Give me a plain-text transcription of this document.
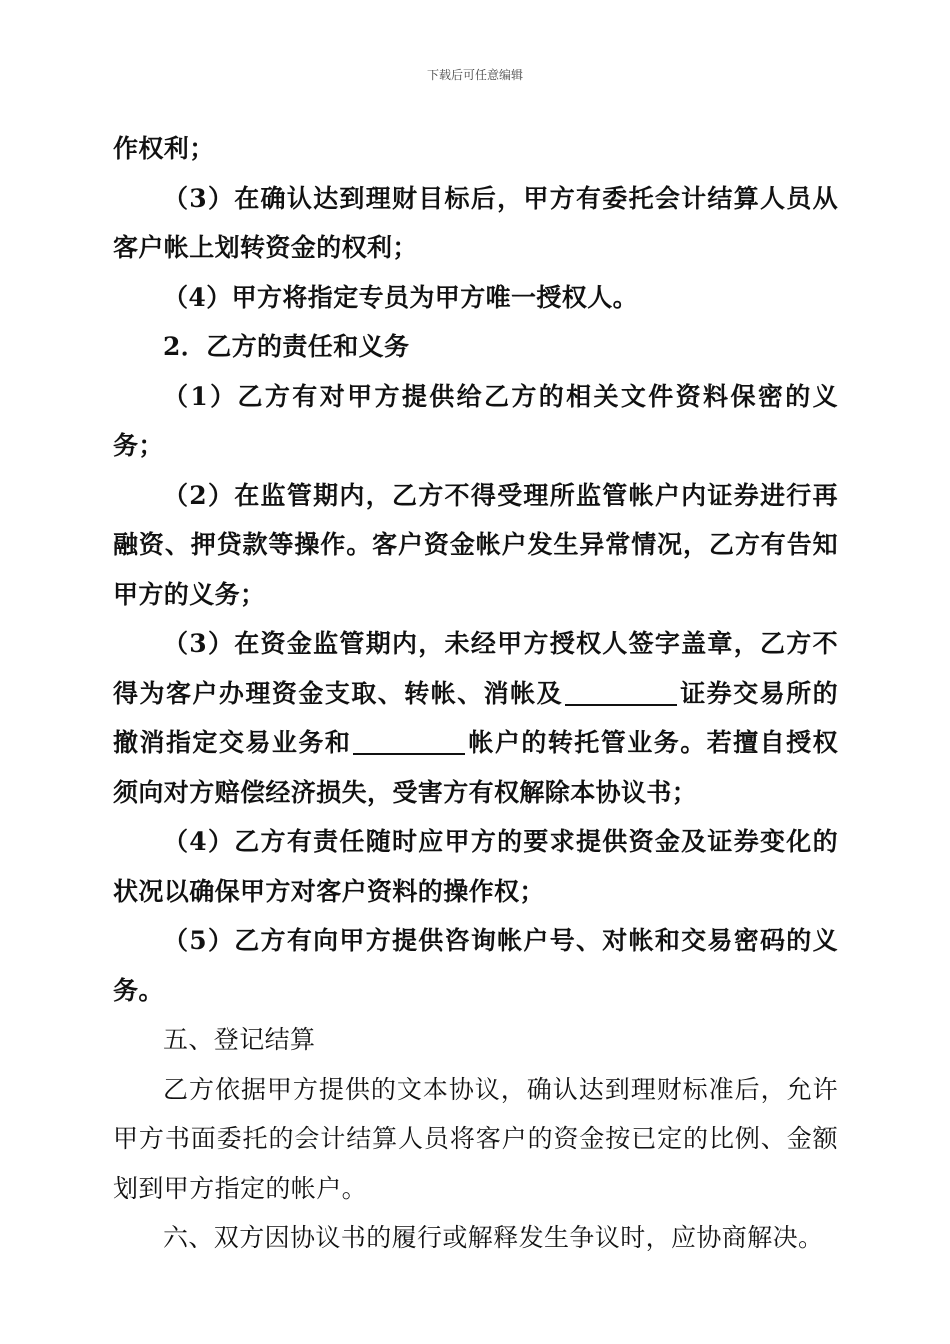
下载后可任意编辑

作权利；

（3）在确认达到理财目标后，甲方有委托会计结算人员从客户帐上划转资金的权利；

（4）甲方将指定专员为甲方唯一授权人。

2．乙方的责任和义务

（1）乙方有对甲方提供给乙方的相关文件资料保密的义务；

（2）在监管期内，乙方不得受理所监管帐户内证券进行再融资、押贷款等操作。客户资金帐户发生异常情况，乙方有告知甲方的义务；

（3）在资金监管期内，未经甲方授权人签字盖章，乙方不得为客户办理资金支取、转帐、消帐及	证券交易所的撤消指定交易业务和	帐户的转托管业务。若擅自授权须向对方赔偿经济损失，受害方有权解除本协议书；

（4）乙方有责任随时应甲方的要求提供资金及证券变化的状况以确保甲方对客户资料的操作权；

（5）乙方有向甲方提供咨询帐户号、对帐和交易密码的义务。

五、登记结算

乙方依据甲方提供的文本协议，确认达到理财标准后，允许甲方书面委托的会计结算人员将客户的资金按已定的比例、金额划到甲方指定的帐户。

六、双方因协议书的履行或解释发生争议时，应协商解决。
